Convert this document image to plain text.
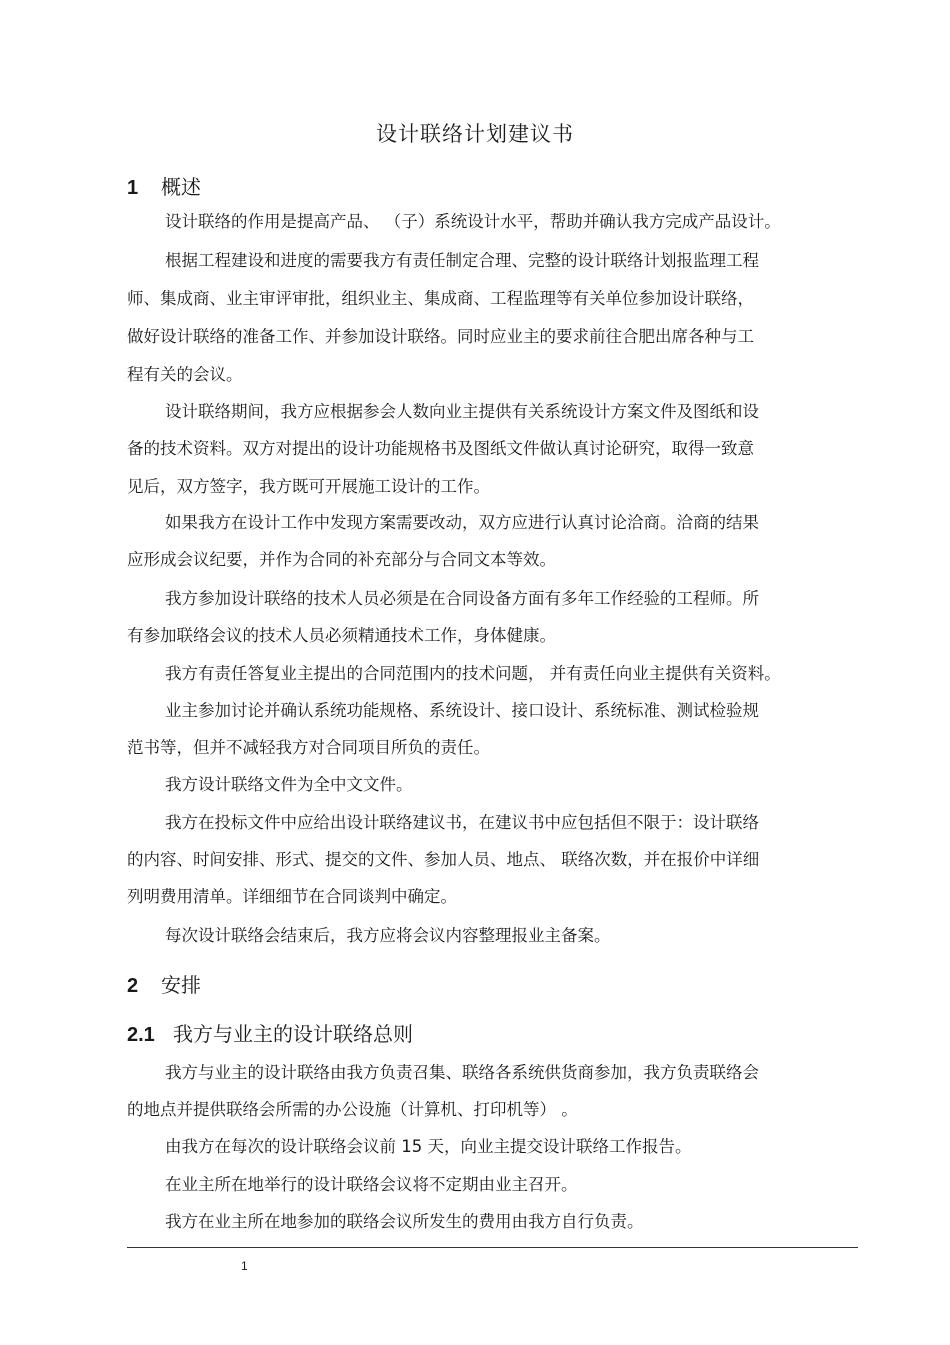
设计联络计划建议书
1 概述
设计联络的作用是提高产品、 （子）系统设计水平，帮助并确认我方完成产品设计。
根据工程建设和进度的需要我方有责任制定合理、完整的设计联络计划报监理工程
师、集成商、业主审评审批，组织业主、集成商、工程监理等有关单位参加设计联络，
做好设计联络的准备工作、并参加设计联络。同时应业主的要求前往合肥出席各种与工
程有关的会议。
设计联络期间，我方应根据参会人数向业主提供有关系统设计方案文件及图纸和设
备的技术资料。双方对提出的设计功能规格书及图纸文件做认真讨论研究，取得一致意
见后，双方签字，我方既可开展施工设计的工作。
如果我方在设计工作中发现方案需要改动，双方应进行认真讨论洽商。洽商的结果
应形成会议纪要，并作为合同的补充部分与合同文本等效。
我方参加设计联络的技术人员必须是在合同设备方面有多年工作经验的工程师。所
有参加联络会议的技术人员必须精通技术工作，身体健康。
我方有责任答复业主提出的合同范围内的技术问题， 并有责任向业主提供有关资料。
业主参加讨论并确认系统功能规格、系统设计、接口设计、系统标准、测试检验规
范书等，但并不减轻我方对合同项目所负的责任。
我方设计联络文件为全中文文件。
我方在投标文件中应给出设计联络建议书，在建议书中应包括但不限于：设计联络
的内容、时间安排、形式、提交的文件、参加人员、地点、 联络次数，并在报价中详细
列明费用清单。详细细节在合同谈判中确定。
每次设计联络会结束后，我方应将会议内容整理报业主备案。
2 安排
2.1 我方与业主的设计联络总则
我方与业主的设计联络由我方负责召集、联络各系统供货商参加，我方负责联络会
的地点并提供联络会所需的办公设施（计算机、打印机等） 。
由我方在每次的设计联络会议前 15 天，向业主提交设计联络工作报告。
在业主所在地举行的设计联络会议将不定期由业主召开。
我方在业主所在地参加的联络会议所发生的费用由我方自行负责。
1
